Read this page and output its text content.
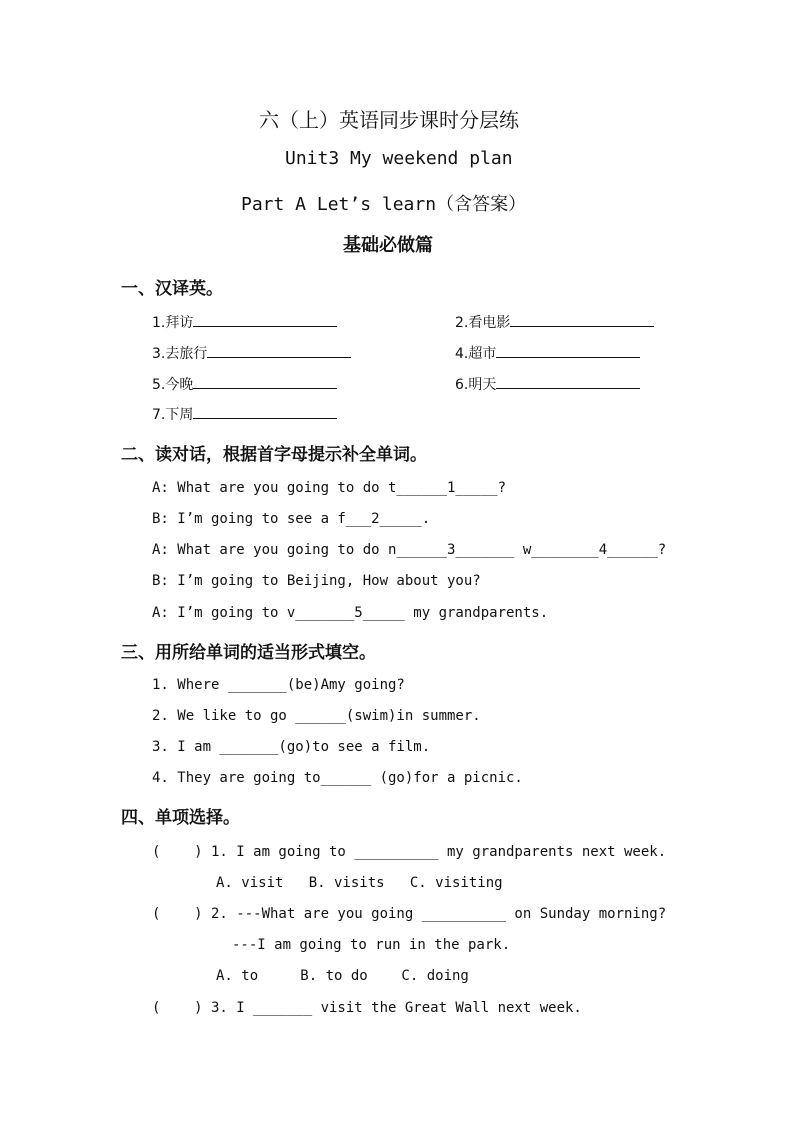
六（上）英语同步课时分层练
Unit3 My weekend plan
Part A Let’s learn（含答案）
基础必做篇
一、汉译英。
1.拜访	2.看电影
3.去旅行	4.超市
5.今晚	6.明天
7.下周
二、读对话，根据首字母提示补全单词。
A: What are you going to do t______1_____?
B: I’m going to see a f___2_____.
A: What are you going to do n______3_______ w________4______?
B: I’m going to Beijing, How about you?
A: I’m going to v_______5_____ my grandparents.
三、用所给单词的适当形式填空。
1. Where _______(be)Amy going?
2. We like to go ______(swim)in summer.
3. I am _______(go)to see a film.
4. They are going to______ (go)for a picnic.
四、单项选择。
(    ) 1. I am going to __________ my grandparents next week.
A. visit   B. visits   C. visiting
(    ) 2. ---What are you going __________ on Sunday morning?
---I am going to run in the park.
A. to     B. to do    C. doing
(    ) 3. I _______ visit the Great Wall next week.
